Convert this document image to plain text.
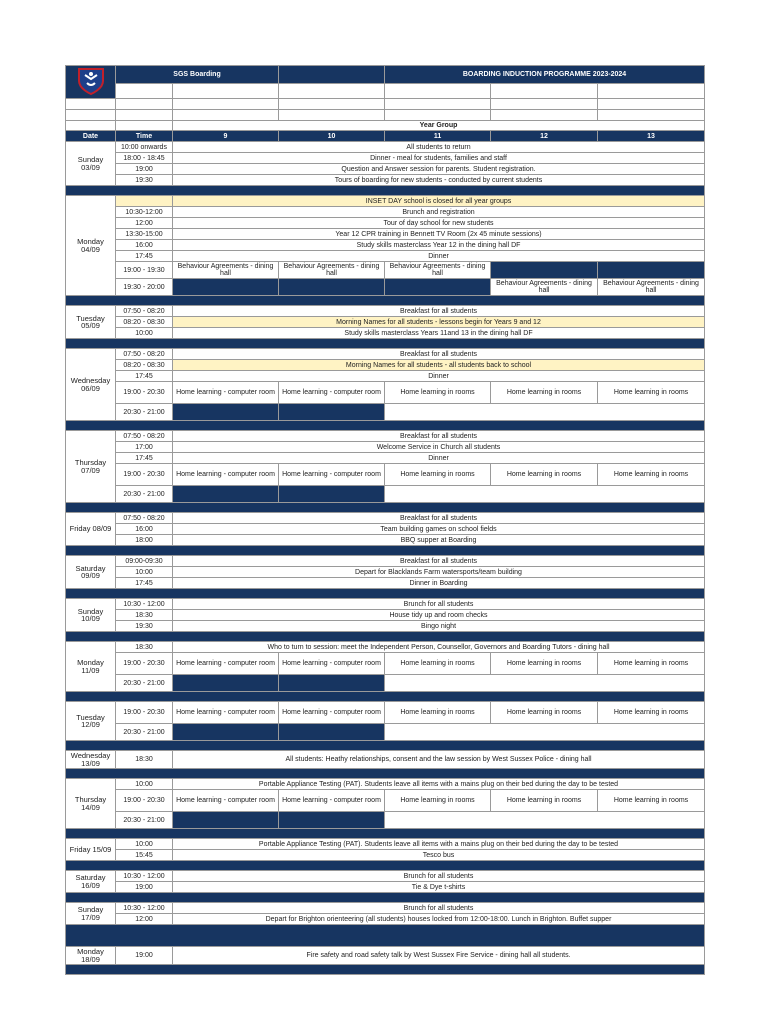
	SGS Boarding			BOARDING INDUCTION PROGRAMME 2023-2024		

		Year Group				
Date	Time	9	10	11	12	13
Sunday 03/09	10:00 onwards	All students to return				
	18:00 - 18:45	Dinner - meal for students, families and staff				
	19:00	Question and Answer session for parents. Student registration.				
	19:30	Tours of boarding for new students - conducted by current students				

Monday 04/09		INSET DAY school is closed for all year groups				
	10:30-12:00	Brunch and registration				
	12:00	Tour of day school for new students				
	13:30-15:00	Year 12 CPR training in Bennett TV Room (2x 45 minute sessions)				
	16:00	Study skills masterclass Year 12 in the dining hall DF				
	17:45	Dinner				
	19:00 - 19:30	Behaviour Agreements - dining hall	Behaviour Agreements - dining hall	Behaviour Agreements - dining hall		
	19:30 - 20:00				Behaviour Agreements - dining hall	Behaviour Agreements - dining hall

Tuesday 05/09	07:50 - 08:20	Breakfast for all students				
	08:20 - 08:30	Morning Names for all students - lessons begin for Years 9 and 12				
	10:00	Study skills masterclass Years 11and 13 in the dining hall DF				

Wednesday 06/09	07:50 - 08:20	Breakfast for all students				
	08:20 - 08:30	Morning Names for all students - all students back to school				
	17:45	Dinner				
	19:00 - 20:30	Home learning - computer room	Home learning - computer room	Home learning in rooms	Home learning in rooms	Home learning in rooms
	20:30 - 21:00					

Thursday 07/09	07:50 - 08:20	Breakfast for all students				
	17:00	Welcome Service in Church all students				
	17:45	Dinner				
	19:00 - 20:30	Home learning - computer room	Home learning - computer room	Home learning in rooms	Home learning in rooms	Home learning in rooms
	20:30 - 21:00					

Friday 08/09	07:50 - 08:20	Breakfast for all students				
	16:00	Team building games on school fields				
	18:00	BBQ supper at Boarding				

Saturday 09/09	09:00-09:30	Breakfast for all students				
	10:00	Depart for Blacklands Farm watersports/team building				
	17:45	Dinner in Boarding				

Sunday 10/09	10:30 - 12:00	Brunch for all students				
	18:30	House tidy up and room checks				
	19:30	Bingo night				

Monday 11/09	18:30	Who to turn to session: meet the Independent Person, Counsellor, Governors and Boarding Tutors - dining hall				
	19:00 - 20:30	Home learning - computer room	Home learning - computer room	Home learning in rooms	Home learning in rooms	Home learning in rooms
	20:30 - 21:00					

Tuesday 12/09	19:00 - 20:30	Home learning - computer room	Home learning - computer room	Home learning in rooms	Home learning in rooms	Home learning in rooms
	20:30 - 21:00					

Wednesday 13/09	18:30	All students: Heathy relationships, consent and the law session by West Sussex Police - dining hall				

Thursday 14/09	10:00	Portable Appliance Testing (PAT). Students leave all items with a mains plug on their bed during the day to be tested				
	19:00 - 20:30	Home learning - computer room	Home learning - computer room	Home learning in rooms	Home learning in rooms	Home learning in rooms
	20:30 - 21:00					

Friday 15/09	10:00	Portable Appliance Testing (PAT). Students leave all items with a mains plug on their bed during the day to be tested				
	15:45	Tesco bus				

Saturday 16/09	10:30 - 12:00	Brunch for all students				
	19:00	Tie & Dye t-shirts				

Sunday 17/09	10:30 - 12:00	Brunch for all students				
	12:00	Depart for Brighton orienteering (all students) houses locked from 12:00-18:00. Lunch in Brighton. Buffet supper				

Monday 18/09	19:00	Fire safety and road safety talk by West Sussex Fire Service - dining hall all students.				
